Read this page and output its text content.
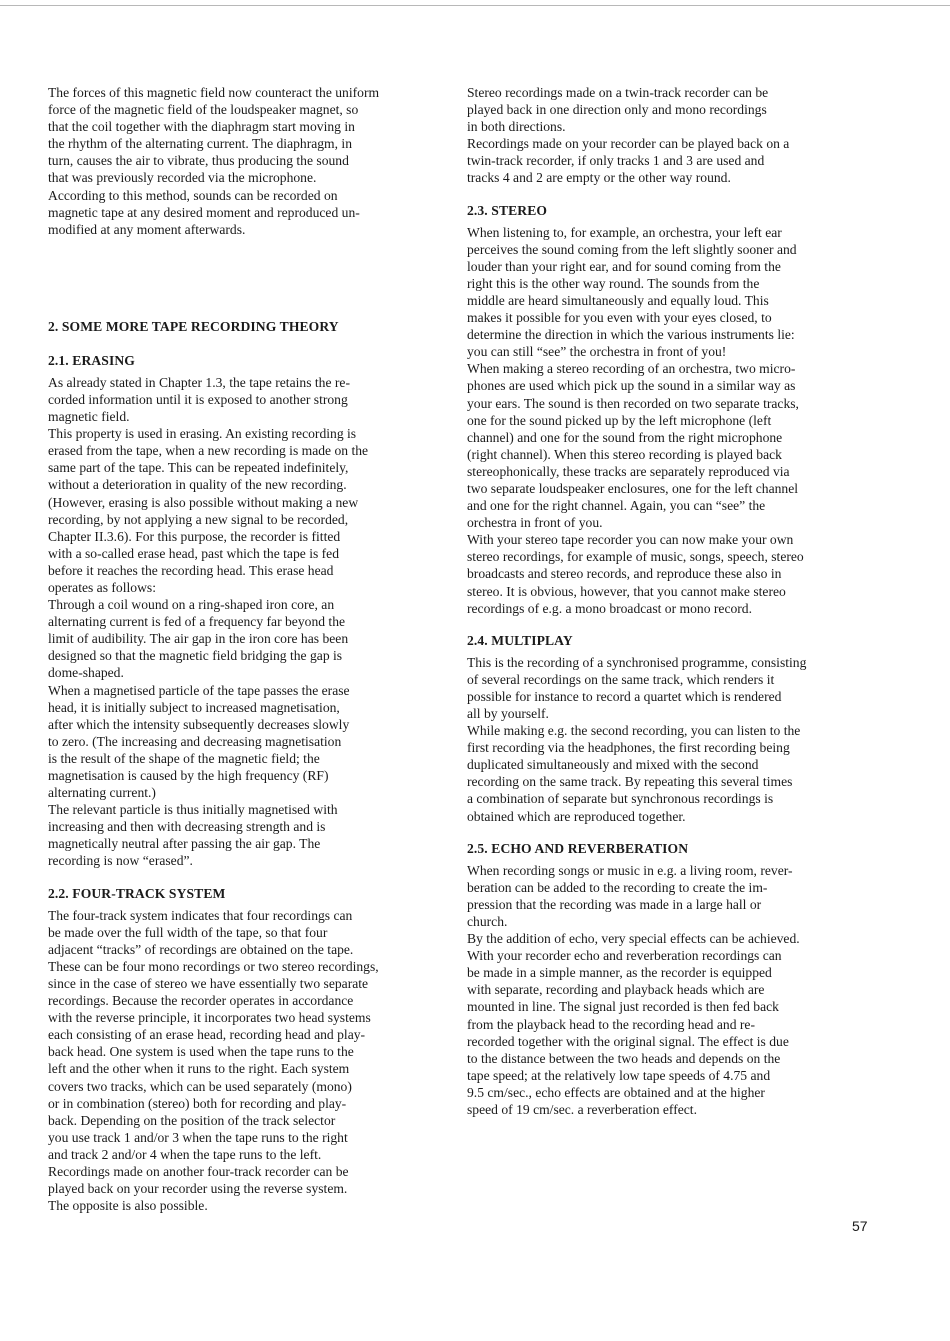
The forces of this magnetic field now counteract the uniform
force of the magnetic field of the loudspeaker magnet, so
that the coil together with the diaphragm start moving in
the rhythm of the alternating current. The diaphragm, in
turn, causes the air to vibrate, thus producing the sound
that was previously recorded via the microphone.
According to this method, sounds can be recorded on
magnetic tape at any desired moment and reproduced un-
modified at any moment afterwards.

2. SOME MORE TAPE RECORDING THEORY
2.1. ERASING

As already stated in Chapter 1.3, the tape retains the re-
corded information until it is exposed to another strong
magnetic field.
This property is used in erasing. An existing recording is
erased from the tape, when a new recording is made on the
same part of the tape. This can be repeated indefinitely,
without a deterioration in quality of the new recording.
(However, erasing is also possible without making a new
recording, by not applying a new signal to be recorded,
Chapter II.3.6). For this purpose, the recorder is fitted
with a so-called erase head, past which the tape is fed
before it reaches the recording head. This erase head
operates as follows:
Through a coil wound on a ring-shaped iron core, an
alternating current is fed of a frequency far beyond the
limit of audibility. The air gap in the iron core has been
designed so that the magnetic field bridging the gap is
dome-shaped.
When a magnetised particle of the tape passes the erase
head, it is initially subject to increased magnetisation,
after which the intensity subsequently decreases slowly
to zero. (The increasing and decreasing magnetisation
is the result of the shape of the magnetic field; the
magnetisation is caused by the high frequency (RF)
alternating current.)
The relevant particle is thus initially magnetised with
increasing and then with decreasing strength and is
magnetically neutral after passing the air gap. The
recording is now “erased”.

2.2. FOUR-TRACK SYSTEM

The four-track system indicates that four recordings can
be made over the full width of the tape, so that four
adjacent “tracks” of recordings are obtained on the tape.
These can be four mono recordings or two stereo recordings,
since in the case of stereo we have essentially two separate
recordings. Because the recorder operates in accordance
with the reverse principle, it incorporates two head systems
each consisting of an erase head, recording head and play-
back head. One system is used when the tape runs to the
left and the other when it runs to the right. Each system
covers two tracks, which can be used separately (mono)
or in combination (stereo) both for recording and play-
back. Depending on the position of the track selector
you use track 1 and/or 3 when the tape runs to the right
and track 2 and/or 4 when the tape runs to the left.
Recordings made on another four-track recorder can be
played back on your recorder using the reverse system.
The opposite is also possible.

Stereo recordings made on a twin-track recorder can be
played back in one direction only and mono recordings
in both directions.
Recordings made on your recorder can be played back on a
twin-track recorder, if only tracks 1 and 3 are used and
tracks 4 and 2 are empty or the other way round.

2.3. STEREO

When listening to, for example, an orchestra, your left ear
perceives the sound coming from the left slightly sooner and
louder than your right ear, and for sound coming from the
right this is the other way round. The sounds from the
middle are heard simultaneously and equally loud. This
makes it possible for you even with your eyes closed, to
determine the direction in which the various instruments lie:
you can still “see” the orchestra in front of you!
When making a stereo recording of an orchestra, two micro-
phones are used which pick up the sound in a similar way as
your ears. The sound is then recorded on two separate tracks,
one for the sound picked up by the left microphone (left
channel) and one for the sound from the right microphone
(right channel). When this stereo recording is played back
stereophonically, these tracks are separately reproduced via
two separate loudspeaker enclosures, one for the left channel
and one for the right channel. Again, you can “see” the
orchestra in front of you.
With your stereo tape recorder you can now make your own
stereo recordings, for example of music, songs, speech, stereo
broadcasts and stereo records, and reproduce these also in
stereo. It is obvious, however, that you cannot make stereo
recordings of e.g. a mono broadcast or mono record.

2.4. MULTIPLAY

This is the recording of a synchronised programme, consisting
of several recordings on the same track, which renders it
possible for instance to record a quartet which is rendered
all by yourself.
While making e.g. the second recording, you can listen to the
first recording via the headphones, the first recording being
duplicated simultaneously and mixed with the second
recording on the same track. By repeating this several times
a combination of separate but synchronous recordings is
obtained which are reproduced together.

2.5. ECHO AND REVERBERATION

When recording songs or music in e.g. a living room, rever-
beration can be added to the recording to create the im-
pression that the recording was made in a large hall or
church.
By the addition of echo, very special effects can be achieved.
With your recorder echo and reverberation recordings can
be made in a simple manner, as the recorder is equipped
with separate, recording and playback heads which are
mounted in line. The signal just recorded is then fed back
from the playback head to the recording head and re-
recorded together with the original signal. The effect is due
to the distance between the two heads and depends on the
tape speed; at the relatively low tape speeds of 4.75 and
9.5 cm/sec., echo effects are obtained and at the higher
speed of 19 cm/sec. a reverberation effect.

57
